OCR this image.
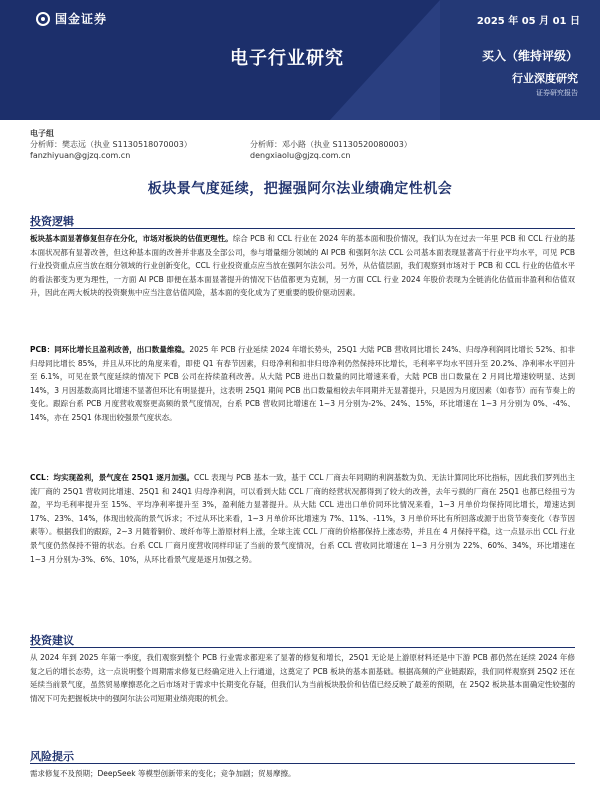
国金证券	2025 年 05 月 01 日
电子行业研究	买入（维持评级）
行业深度研究
证券研究报告
电子组
分析师：樊志远（执业 S1130518070003）	分析师：邓小路（执业 S1130520080003）
fanzhiyuan@gjzq.com.cn	dengxiaolu@gjzq.com.cn
板块景气度延续，把握强阿尔法业绩确定性机会
投资逻辑

板块基本面显著修复但存在分化，市场对板块的估值更理性。综合 PCB 和 CCL 行业在 2024 年的基本面和股价情况，我们认为在过去一年里 PCB 和 CCL 行业的基本面状况都有显著改善，但这种基本面的改善并非惠及全部公司，参与增量细分领域的 AI PCB 和强阿尔法 CCL 公司基本面表现显著高于行业平均水平，可见 PCB 行业投资重点应当放在细分领域的行业创新变化，CCL 行业投资重点应当放在强阿尔法公司。另外，从估值层面，我们观察到市场对于 PCB 和 CCL 行业的估值水平的看法都变为更为理性，一方面 AI PCB 即便在基本面显著提升的情况下估值都更为克制，另一方面 CCL 行业 2024 年股价表现为全链消化估值而非盈利和估值双升，因此在两大板块的投资聚焦中应当注意估值风险，基本面的变化成为了更重要的股价驱动因素。

PCB：同环比增长且盈利改善，出口数量维稳。2025 年 PCB 行业延续 2024 年增长势头，25Q1 大陆 PCB 营收同比增长 24%、归母净利润同比增长 52%、扣非归母同比增长 85%，并且从环比的角度来看，即使 Q1 有春节因素，归母净利和扣非归母净利仍然保持环比增长，毛利率平均水平回升至 20.2%、净利率水平回升至 6.1%，可见在景气度延续的情况下 PCB 公司在持续盈利改善。从大陆 PCB 进出口数量的同比增速来看，大陆 PCB 出口数量在 2 月同比增速较明显、达到 14%，3 月因基数高同比增速不显著但环比有明显提升，这表明 25Q1 期间 PCB 出口数量相较去年同期并无显著提升，只是因为月度因素（如春节）而有节奏上的变化。跟踪台系 PCB 月度营收观察更高频的景气度情况，台系 PCB 营收同比增速在 1~3 月分别为-2%、24%、15%，环比增速在 1~3 月分别为 0%、-4%、14%，亦在 25Q1 体现出较强景气度状态。

CCL：均实现盈利，景气度在 25Q1 逐月加强。CCL 表现与 PCB 基本一致，基于 CCL 厂商去年同期的利润基数为负、无法计算同比环比指标，因此我们罗列出主流厂商的 25Q1 营收同比增速、25Q1 和 24Q1 归母净利润，可以看到大陆 CCL 厂商的经营状况都得到了较大的改善，去年亏损的厂商在 25Q1 也都已经扭亏为盈，平均毛利率提升至 15%、平均净利率提升至 3%，盈利能力显著提升。从大陆 CCL 进出口单价同环比情况来看，1~3 月单价均保持同比增长，增速达到 17%、23%、14%，体现出较高的景气诉求；不过从环比来看，1~3 月单价环比增速为 7%、11%、-11%，3 月单价环比有所回落或源于出货节奏变化（春节因素等）。根据我们的跟踪，2~3 月随着铜价、玻纤布等上游原材料上涨，全球主流 CCL 厂商的价格都保持上涨态势，并且在 4 月保持平稳，这一点显示出 CCL 行业景气度仍然保持不错的状态。台系 CCL 厂商月度营收同样印证了当前的景气度情况，台系 CCL 营收同比增速在 1~3 月分别为 22%、60%、34%，环比增速在 1~3 月分别为-3%、6%、10%，从环比看景气度是逐月加强之势。

投资建议

从 2024 年到 2025 年第一季度，我们观察到整个 PCB 行业需求都迎来了显著的修复和增长，25Q1 无论是上游原材料还是中下游 PCB 都仍然在延续 2024 年修复之后的增长态势，这一点说明整个周期需求修复已经确定进入上行通道，这奠定了 PCB 板块的基本面基础。根据高频的产业链跟踪，我们同样观察到 25Q2 还在延续当前景气度，虽然贸易摩擦恶化之后市场对于需求中长期变化存疑，但我们认为当前板块股价和估值已经反映了最差的预期，在 25Q2 板块基本面确定性较强的情况下可先把握板块中的强阿尔法公司短期业绩亮眼的机会。

风险提示

需求修复不及预期；DeepSeek 等模型创新带来的变化；竞争加剧；贸易摩擦。
